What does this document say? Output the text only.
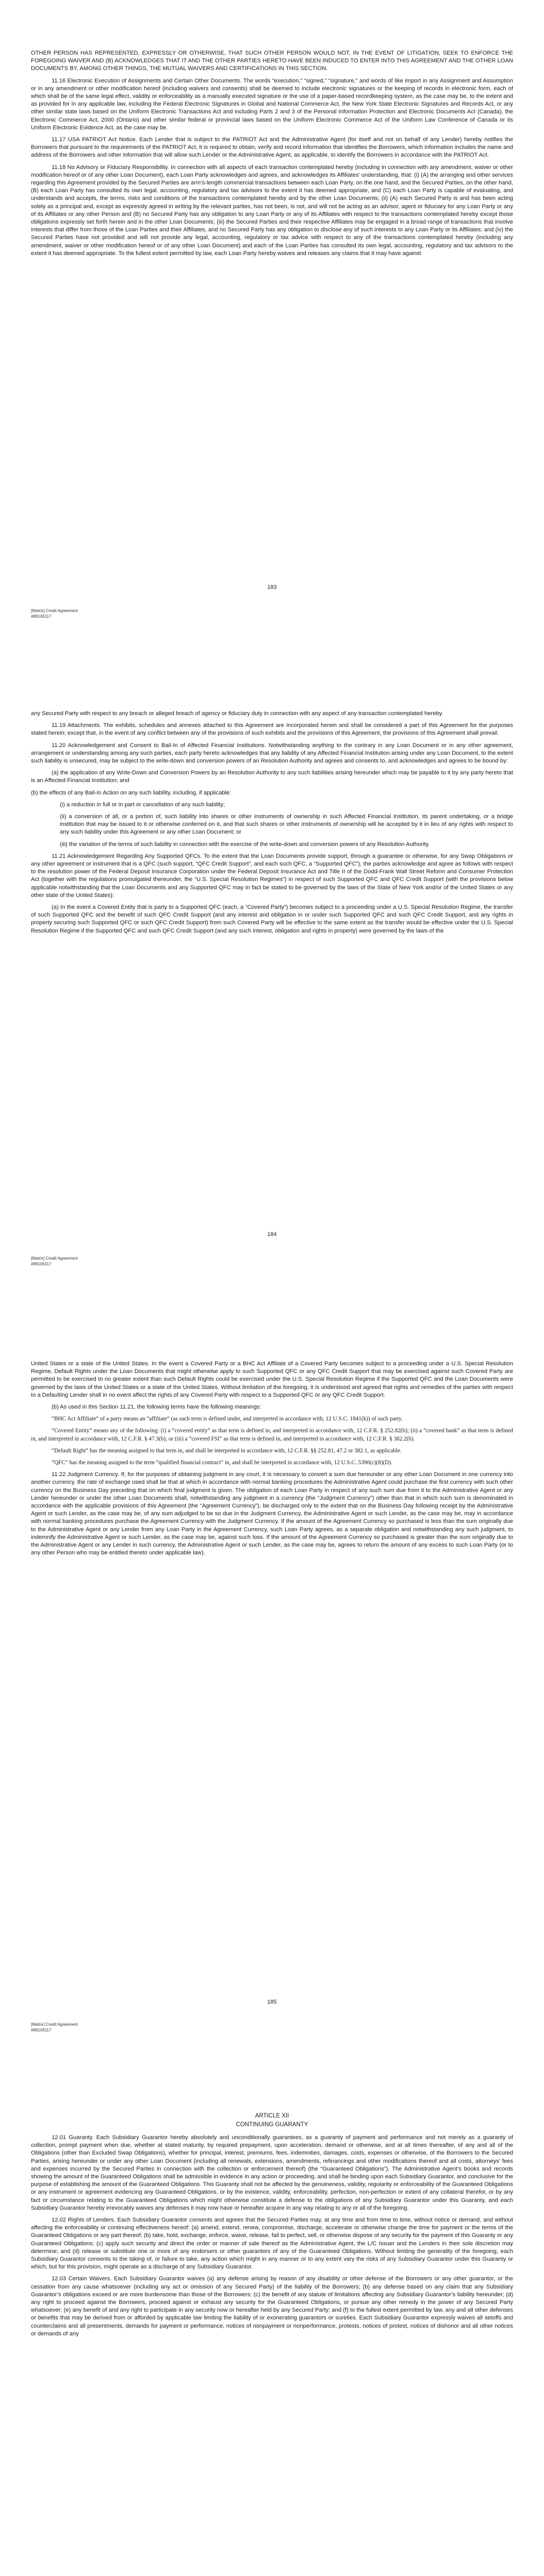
OTHER PERSON HAS REPRESENTED, EXPRESSLY OR OTHERWISE, THAT SUCH OTHER PERSON WOULD NOT, IN THE EVENT OF LITIGATION, SEEK TO ENFORCE THE FOREGOING WAIVER AND (B) ACKNOWLEDGES THAT IT AND THE OTHER PARTIES HERETO HAVE BEEN INDUCED TO ENTER INTO THIS AGREEMENT AND THE OTHER LOAN DOCUMENTS BY, AMONG OTHER THINGS, THE MUTUAL WAIVERS AND CERTIFICATIONS IN THIS SECTION.

11.16 Electronic Execution of Assignments and Certain Other Documents. The words “execution,” “signed,” “signature,” and words of like import in any Assignment and Assumption or in any amendment or other modification hereof (including waivers and consents) shall be deemed to include electronic signatures or the keeping of records in electronic form, each of which shall be of the same legal effect, validity or enforceability as a manually executed signature or the use of a paper-based recordkeeping system, as the case may be, to the extent and as provided for in any applicable law, including the Federal Electronic Signatures in Global and National Commerce Act, the New York State Electronic Signatures and Records Act, or any other similar state laws based on the Uniform Electronic Transactions Act and including Parts 2 and 3 of the Personal Information Protection and Electronic Documents Act (Canada), the Electronic Commerce Act, 2000 (Ontario) and other similar federal or provincial laws based on the Uniform Electronic Commerce Act of the Uniform Law Conference of Canada or its Uniform Electronic Evidence Act, as the case may be.

11.17 USA PATRIOT Act Notice. Each Lender that is subject to the PATRIOT Act and the Administrative Agent (for itself and not on behalf of any Lender) hereby notifies the Borrowers that pursuant to the requirements of the PATRIOT Act, it is required to obtain, verify and record information that identifies the Borrowers, which information includes the name and address of the Borrowers and other information that will allow such Lender or the Administrative Agent, as applicable, to identify the Borrowers in accordance with the PATRIOT Act.

11.18 No Advisory or Fiduciary Responsibility. In connection with all aspects of each transaction contemplated hereby (including in connection with any amendment, waiver or other modification hereof or of any other Loan Document), each Loan Party acknowledges and agrees, and acknowledges its Affiliates’ understanding, that: (i) (A) the arranging and other services regarding this Agreement provided by the Secured Parties are arm’s-length commercial transactions between each Loan Party, on the one hand, and the Secured Parties, on the other hand, (B) each Loan Party has consulted its own legal, accounting, regulatory and tax advisors to the extent it has deemed appropriate, and (C) each Loan Party is capable of evaluating, and understands and accepts, the terms, risks and conditions of the transactions contemplated hereby and by the other Loan Documents; (ii) (A) each Secured Party is and has been acting solely as a principal and, except as expressly agreed in writing by the relevant parties, has not been, is not, and will not be acting as an advisor, agent or fiduciary for any Loan Party or any of its Affiliates or any other Person and (B) no Secured Party has any obligation to any Loan Party or any of its Affiliates with respect to the transactions contemplated hereby except those obligations expressly set forth herein and in the other Loan Documents; (iii) the Secured Parties and their respective Affiliates may be engaged in a broad range of transactions that involve interests that differ from those of the Loan Parties and their Affiliates, and no Secured Party has any obligation to disclose any of such interests to any Loan Party or its Affiliates; and (iv) the Secured Parties have not provided and will not provide any legal, accounting, regulatory or tax advice with respect to any of the transactions contemplated hereby (including any amendment, waiver or other modification hereof or of any other Loan Document) and each of the Loan Parties has consulted its own legal, accounting, regulatory and tax advisors to the extent it has deemed appropriate. To the fullest extent permitted by law, each Loan Party hereby waives and releases any claims that it may have against

183
[Matrix] Credit Agreement
#89106117

any Secured Party with respect to any breach or alleged breach of agency or fiduciary duty in connection with any aspect of any transaction contemplated hereby.

11.19 Attachments. The exhibits, schedules and annexes attached to this Agreement are incorporated herein and shall be considered a part of this Agreement for the purposes stated herein; except that, in the event of any conflict between any of the provisions of such exhibits and the provisions of this Agreement, the provisions of this Agreement shall prevail.

11.20 Acknowledgement and Consent to Bail-In of Affected Financial Institutions. Notwithstanding anything to the contrary in any Loan Document or in any other agreement, arrangement or understanding among any such parties, each party hereto acknowledges that any liability of any Affected Financial Institution arising under any Loan Document, to the extent such liability is unsecured, may be subject to the write-down and conversion powers of an Resolution Authority and agrees and consents to, and acknowledges and agrees to be bound by:

(a) the application of any Write-Down and Conversion Powers by an Resolution Authority to any such liabilities arising hereunder which may be payable to it by any party hereto that is an Affected Financial Institution; and

(b) the effects of any Bail-In Action on any such liability, including, if applicable:

(i) a reduction in full or in part or cancellation of any such liability;

(ii) a conversion of all, or a portion of, such liability into shares or other instruments of ownership in such Affected Financial Institution, its parent undertaking, or a bridge institution that may be issued to it or otherwise conferred on it, and that such shares or other instruments of ownership will be accepted by it in lieu of any rights with respect to any such liability under this Agreement or any other Loan Document; or

(iii) the variation of the terms of such liability in connection with the exercise of the write-down and conversion powers of any Resolution Authority.

11.21 Acknowledgement Regarding Any Supported QFCs. To the extent that the Loan Documents provide support, through a guarantee or otherwise, for any Swap Obligations or any other agreement or instrument that is a QFC (such support, “QFC Credit Support”, and each such QFC, a “Supported QFC”), the parties acknowledge and agree as follows with respect to the resolution power of the Federal Deposit Insurance Corporation under the Federal Deposit Insurance Act and Title II of the Dodd-Frank Wall Street Reform and Consumer Protection Act (together with the regulations promulgated thereunder, the “U.S. Special Resolution Regimes”) in respect of such Supported QFC and QFC Credit Support (with the provisions below applicable notwithstanding that the Loan Documents and any Supported QFC may in fact be stated to be governed by the laws of the State of New York and/or of the United States or any other state of the United States):

(a) In the event a Covered Entity that is party to a Supported QFC (each, a “Covered Party”) becomes subject to a proceeding under a U.S. Special Resolution Regime, the transfer of such Supported QFC and the benefit of such QFC Credit Support (and any interest and obligation in or under such Supported QFC and such QFC Credit Support, and any rights in property securing such Supported QFC or such QFC Credit Support) from such Covered Party will be effective to the same extent as the transfer would be effective under the U.S. Special Resolution Regime if the Supported QFC and such QFC Credit Support (and any such interest, obligation and rights in property) were governed by the laws of the

184
[Matrix] Credit Agreement
#89106117

United States or a state of the United States. In the event a Covered Party or a BHC Act Affiliate of a Covered Party becomes subject to a proceeding under a U.S. Special Resolution Regime, Default Rights under the Loan Documents that might otherwise apply to such Supported QFC or any QFC Credit Support that may be exercised against such Covered Party are permitted to be exercised to no greater extent than such Default Rights could be exercised under the U.S. Special Resolution Regime if the Supported QFC and the Loan Documents were governed by the laws of the United States or a state of the United States. Without limitation of the foregoing, it is understood and agreed that rights and remedies of the parties with respect to a Defaulting Lender shall in no event affect the rights of any Covered Party with respect to a Supported QFC or any QFC Credit Support.

(b) As used in this Section 11.21, the following terms have the following meanings:

“BHC Act Affiliate” of a party means an “affiliate” (as such term is defined under, and interpreted in accordance with, 12 U.S.C. 1841(k)) of such party.

“Covered Entity” means any of the following: (i) a “covered entity” as that term is defined in, and interpreted in accordance with, 12 C.F.R. § 252.82(b); (ii) a “covered bank” as that term is defined in, and interpreted in accordance with, 12 C.F.R. § 47.3(b); or (iii) a “covered FSI” as that term is defined in, and interpreted in accordance with, 12 C.F.R. § 382.2(b).

“Default Right” has the meaning assigned to that term in, and shall be interpreted in accordance with, 12 C.F.R. §§ 252.81, 47.2 or 382.1, as applicable.

“QFC” has the meaning assigned to the term “qualified financial contract” in, and shall be interpreted in accordance with, 12 U.S.C. 5390(c)(8)(D).

11.22 Judgment Currency. If, for the purposes of obtaining judgment in any court, it is necessary to convert a sum due hereunder or any other Loan Document in one currency into another currency, the rate of exchange used shall be that at which in accordance with normal banking procedures the Administrative Agent could purchase the first currency with such other currency on the Business Day preceding that on which final judgment is given. The obligation of each Loan Party in respect of any such sum due from it to the Administrative Agent or any Lender hereunder or under the other Loan Documents shall, notwithstanding any judgment in a currency (the “Judgment Currency”) other than that in which such sum is denominated in accordance with the applicable provisions of this Agreement (the “Agreement Currency”), be discharged only to the extent that on the Business Day following receipt by the Administrative Agent or such Lender, as the case may be, of any sum adjudged to be so due in the Judgment Currency, the Administrative Agent or such Lender, as the case may be, may in accordance with normal banking procedures purchase the Agreement Currency with the Judgment Currency. If the amount of the Agreement Currency so purchased is less than the sum originally due to the Administrative Agent or any Lender from any Loan Party in the Agreement Currency, such Loan Party agrees, as a separate obligation and notwithstanding any such judgment, to indemnify the Administrative Agent or such Lender, as the case may be, against such loss. If the amount of the Agreement Currency so purchased is greater than the sum originally due to the Administrative Agent or any Lender in such currency, the Administrative Agent or such Lender, as the case may be, agrees to return the amount of any excess to such Loan Party (or to any other Person who may be entitled thereto under applicable law).

185
[Matrix] Credit Agreement
#89106117
ARTICLE XII
CONTINUING GUARANTY

12.01 Guaranty. Each Subsidiary Guarantor hereby absolutely and unconditionally guarantees, as a guaranty of payment and performance and not merely as a guaranty of collection, prompt payment when due, whether at stated maturity, by required prepayment, upon acceleration, demand or otherwise, and at all times thereafter, of any and all of the Obligations (other than Excluded Swap Obligations), whether for principal, interest, premiums, fees, indemnities, damages, costs, expenses or otherwise, of the Borrowers to the Secured Parties, arising hereunder or under any other Loan Document (including all renewals, extensions, amendments, refinancings and other modifications thereof and all costs, attorneys’ fees and expenses incurred by the Secured Parties in connection with the collection or enforcement thereof) (the “Guaranteed Obligations”). The Administrative Agent’s books and records showing the amount of the Guaranteed Obligations shall be admissible in evidence in any action or proceeding, and shall be binding upon each Subsidiary Guarantor, and conclusive for the purpose of establishing the amount of the Guaranteed Obligations. This Guaranty shall not be affected by the genuineness, validity, regularity or enforceability of the Guaranteed Obligations or any instrument or agreement evidencing any Guaranteed Obligations, or by the existence, validity, enforceability, perfection, non-perfection or extent of any collateral therefor, or by any fact or circumstance relating to the Guaranteed Obligations which might otherwise constitute a defense to the obligations of any Subsidiary Guarantor under this Guaranty, and each Subsidiary Guarantor hereby irrevocably waives any defenses it may now have or hereafter acquire in any way relating to any or all of the foregoing.

12.02 Rights of Lenders. Each Subsidiary Guarantor consents and agrees that the Secured Parties may, at any time and from time to time, without notice or demand, and without affecting the enforceability or continuing effectiveness hereof: (a) amend, extend, renew, compromise, discharge, accelerate or otherwise change the time for payment or the terms of the Guaranteed Obligations or any part thereof; (b) take, hold, exchange, enforce, waive, release, fail to perfect, sell, or otherwise dispose of any security for the payment of this Guaranty or any Guaranteed Obligations; (c) apply such security and direct the order or manner of sale thereof as the Administrative Agent, the L/C Issuer and the Lenders in their sole discretion may determine; and (d) release or substitute one or more of any endorsers or other guarantors of any of the Guaranteed Obligations. Without limiting the generality of the foregoing, each Subsidiary Guarantor consents to the taking of, or failure to take, any action which might in any manner or to any extent vary the risks of any Subsidiary Guarantor under this Guaranty or which, but for this provision, might operate as a discharge of any Subsidiary Guarantor.

12.03 Certain Waivers. Each Subsidiary Guarantor waives (a) any defense arising by reason of any disability or other defense of the Borrowers or any other guarantor, or the cessation from any cause whatsoever (including any act or omission of any Secured Party) of the liability of the Borrowers; (b) any defense based on any claim that any Subsidiary Guarantor’s obligations exceed or are more burdensome than those of the Borrowers; (c) the benefit of any statute of limitations affecting any Subsidiary Guarantor’s liability hereunder; (d) any right to proceed against the Borrowers, proceed against or exhaust any security for the Guaranteed Obligations, or pursue any other remedy in the power of any Secured Party whatsoever; (e) any benefit of and any right to participate in any security now or hereafter held by any Secured Party; and (f) to the fullest extent permitted by law, any and all other defenses or benefits that may be derived from or afforded by applicable law limiting the liability of or exonerating guarantors or sureties. Each Subsidiary Guarantor expressly waives all setoffs and counterclaims and all presentments, demands for payment or performance, notices of nonpayment or nonperformance, protests, notices of protest, notices of dishonor and all other notices or demands of any
